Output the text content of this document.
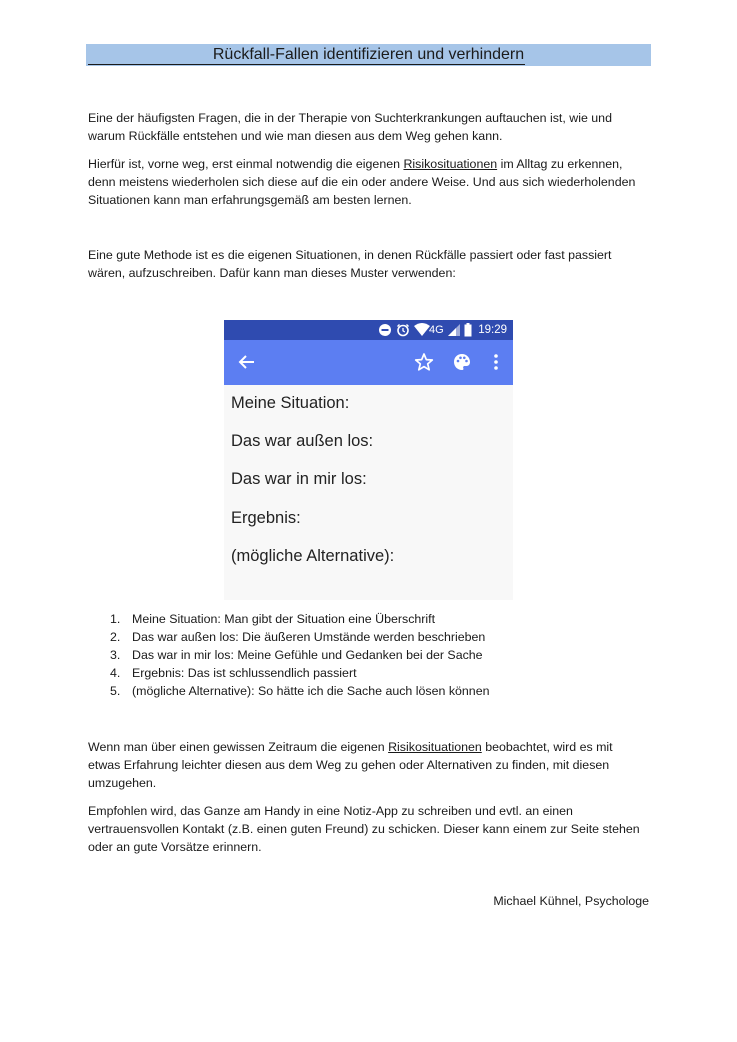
Rückfall-Fallen identifizieren und verhindern

Eine der häufigsten Fragen, die in der Therapie von Suchterkrankungen auftauchen ist, wie und warum Rückfälle entstehen und wie man diesen aus dem Weg gehen kann.

Hierfür ist, vorne weg, erst einmal notwendig die eigenen Risikosituationen im Alltag zu erkennen, denn meistens wiederholen sich diese auf die ein oder andere Weise. Und aus sich wiederholenden Situationen kann man erfahrungsgemäß am besten lernen.

Eine gute Methode ist es die eigenen Situationen, in denen Rückfälle passiert oder fast passiert wären, aufzuschreiben. Dafür kann man dieses Muster verwenden:

4G	19:29
Meine Situation:
Das war außen los:
Das war in mir los:
Ergebnis:
(mögliche Alternative):
1. Meine Situation: Man gibt der Situation eine Überschrift
2. Das war außen los: Die äußeren Umstände werden beschrieben
3. Das war in mir los: Meine Gefühle und Gedanken bei der Sache
4. Ergebnis: Das ist schlussendlich passiert
5. (mögliche Alternative): So hätte ich die Sache auch lösen können

Wenn man über einen gewissen Zeitraum die eigenen Risikosituationen beobachtet, wird es mit etwas Erfahrung leichter diesen aus dem Weg zu gehen oder Alternativen zu finden, mit diesen umzugehen.

Empfohlen wird, das Ganze am Handy in eine Notiz-App zu schreiben und evtl. an einen vertrauensvollen Kontakt (z.B. einen guten Freund) zu schicken. Dieser kann einem zur Seite stehen oder an gute Vorsätze erinnern.

Michael Kühnel, Psychologe
